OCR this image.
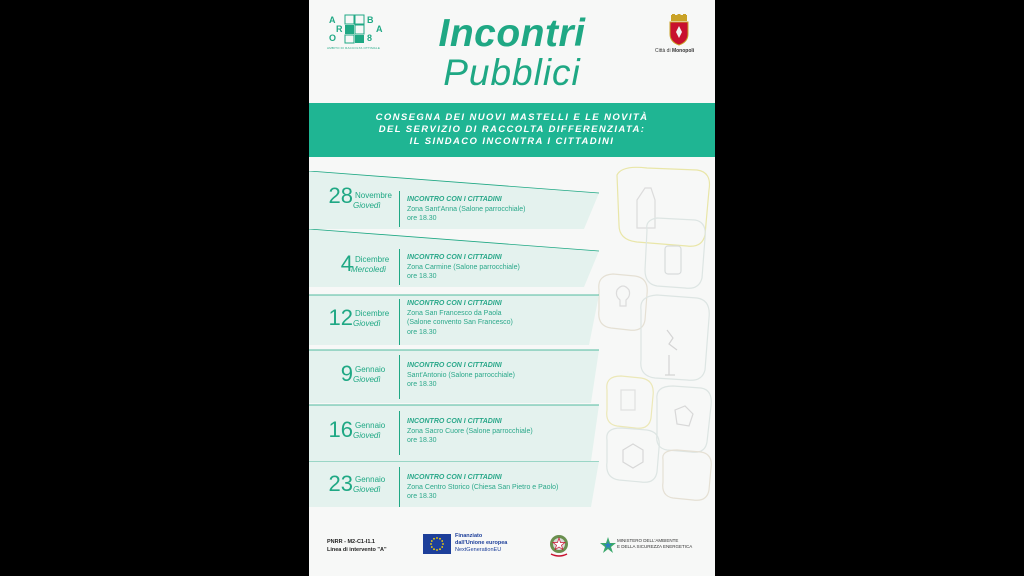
A
R
O
B
A
8
AMBITO DI RACCOLTA OTTIMALE	Incontri
Pubblici
Città di Monopoli
CONSEGNA DEI NUOVI MASTELLI E LE NOVITÀ
DEL SERVIZIO DI RACCOLTA DIFFERENZIATA:
IL SINDACO INCONTRA I CITTADINI
28 Novembre
Giovedì
INCONTRO CON I CITTADINI
Zona Sant'Anna (Salone parrocchiale)
ore 18.30
4 Dicembre
Mercoledì
INCONTRO CON I CITTADINI
Zona Carmine (Salone parrocchiale)
ore 18.30
12 Dicembre
Giovedì
INCONTRO CON I CITTADINI
Zona San Francesco da Paola
(Salone convento San Francesco)
ore 18.30
9 Gennaio
Giovedì
INCONTRO CON I CITTADINI
Sant'Antonio (Salone parrocchiale)
ore 18.30
16 Gennaio
Giovedì
INCONTRO CON I CITTADINI
Zona Sacro Cuore (Salone parrocchiale)
ore 18.30
23 Gennaio
Giovedì
INCONTRO CON I CITTADINI
Zona Centro Storico (Chiesa San Pietro e Paolo)
ore 18.30
PNRR - M2-C1-I1.1
Linea di intervento "A"
Finanziato
dall'Unione europea
NextGenerationEU
MINISTERO DELL'AMBIENTE
E DELLA SICUREZZA ENERGETICA
